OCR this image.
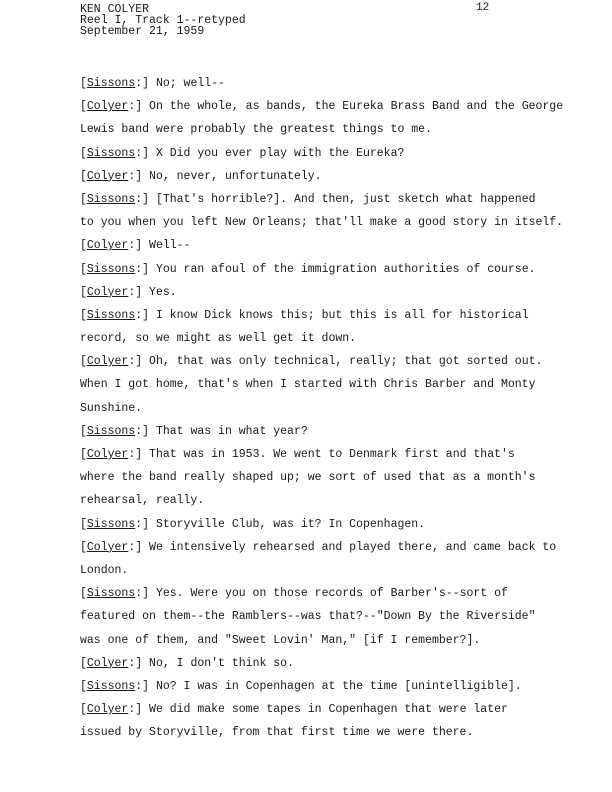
KEN COLYER
Reel I, Track 1--retyped
September 21, 1959
12
[Sissons:] No; well--
[Colyer:] On the whole, as bands, the Eureka Brass Band and the George
Lewis band were probably the greatest things to me.
[Sissons:] X Did you ever play with the Eureka?
[Colyer:] No, never, unfortunately.
[Sissons:] [That's horrible?]. And then, just sketch what happened
to you when you left New Orleans; that'll make a good story in itself.
[Colyer:] Well--
[Sissons:] You ran afoul of the immigration authorities of course.
[Colyer:] Yes.
[Sissons:] I know Dick knows this; but this is all for historical
record, so we might as well get it down.
[Colyer:] Oh, that was only technical, really; that got sorted out.
When I got home, that's when I started with Chris Barber and Monty
Sunshine.
[Sissons:] That was in what year?
[Colyer:] That was in 1953. We went to Denmark first and that's
where the band really shaped up; we sort of used that as a month's
rehearsal, really.
[Sissons:] Storyville Club, was it? In Copenhagen.
[Colyer:] We intensively rehearsed and played there, and came back to
London.
[Sissons:] Yes. Were you on those records of Barber's--sort of
featured on them--the Ramblers--was that?--"Down By the Riverside"
was one of them, and "Sweet Lovin' Man," [if I remember?].
[Colyer:] No, I don't think so.
[Sissons:] No? I was in Copenhagen at the time [unintelligible].
[Colyer:] We did make some tapes in Copenhagen that were later
issued by Storyville, from that first time we were there.
